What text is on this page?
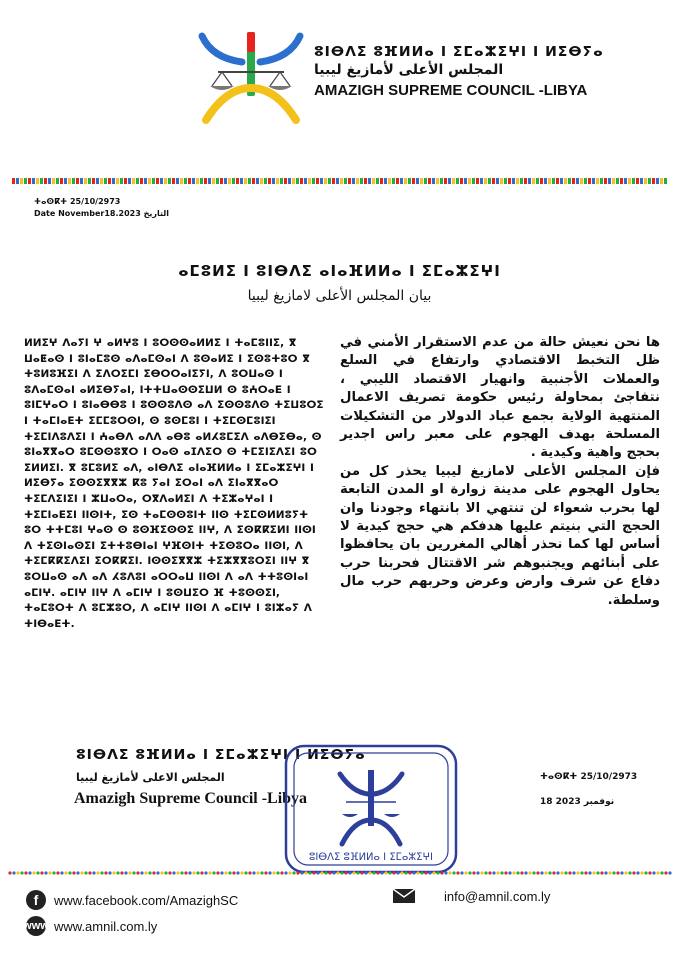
ⵓⵏⴱⴷⵉ ⵓⴼⵍⵍⴰ ⵏ ⵉⵎⴰⵣⵉⵖⵏ ⵏ ⵍⵉⴱⵢⴰ
المجلس الأعلى لأمازيغ ليبيا
AMAZIGH SUPREME COUNCIL -LIBYA
ⵜⴰⵙⴽⵜ 25/10/2973
Date November18.2023 التاريخ
ⴰⵎⵓⵍⵉ ⵏ ⵓⵏⴱⴷⵉ ⴰⵏⴰⴼⵍⵍⴰ ⵏ ⵉⵎⴰⵣⵉⵖⵏ
بيان المجلس الأعلى لامازيغ ليبيا
ⵍⵍⵉⵖ ⴷⴰⵢⵏ ⵖ ⴰⵍⵖⵓ ⵏ ⵓⵔⵙⵙⴰⵍⵍⵉ ⵏ ⵜⴰⵎⵓⵏⵏⵉ, ⴳ ⵡⴰⵟⴰⵙ ⵏ ⵓⵏⴰⵎⵓⵙ ⴰⴷⴰⵎⵙⴰⵏ ⴷ ⵓⵙⴰⵍⵉ ⵏ ⵉⵙⵓⵜⵓⵔ ⴳ ⵜⵓⵍⵓⴼⵉⵏ ⴷ ⵉⴷⵔⵉⵎⵏ ⵉⴱⵔⵔⴰⵏⵉⵢⵏ, ⴷ ⵓⵔⵡⴰⵙ ⵏ ⵓⴷⴰⵎⵙⴰⵏ ⴰⵍⵉⴱⵢⴰⵏ, ⵏⵜⵜⵡⴰⵙⵙⵉⵡⵍ ⵙ ⵓⵄⵔⴰⴹ ⵏ ⵓⵏⵎⵖⴰⵔ ⵏ ⵓⵏⴰⴱⴱⵓ ⵏ ⵓⵙⵙⵓⴷⵙ ⴰⴷ ⵉⵙⵙⵓⴷⵙ ⵜⵉⵡⵓⵔⵉ ⵏ ⵜⴰⵎⵏⴰⴹⵜ ⵉⵎⵎⵓⵔⵙⵏ, ⵙ ⵓⵙⵎⵓⵏ ⵏ ⵜⵉⵎⵙⵎⵓⵏⵉⵏ ⵜⵉⵎⵏⴷⵓⴷⵉⵏ ⵏ ⵄⴰⴱⴷ ⴰⴷⴷ ⴰⴱⵓ ⴰⵍⵃⵓⵎⵉⴷ ⴰⴷⴱⵉⴱⴰ, ⵙ ⵓⵏⴰⴳⴳⴰⵔ ⵓⵎⵙⵙⵓⴳⵔ ⵏ ⵔⴰⵙ ⴰⵊⴷⵉⵔ ⵙ ⵜⵎⵉⵏⵉⴷⵉⵏ ⵓⵔ ⵉⵍⵍⵉⵏ. ⴳ ⵓⵎⵓⵍⵉ ⴰⴷ, ⴰⵏⴱⴷⵉ ⴰⵏⴰⴼⵍⵍⴰ ⵏ ⵉⵎⴰⵣⵉⵖⵏ ⵏ ⵍⵉⴱⵢⴰ ⵉⵙⵙⵉⴳⴳⵣ ⴽⵓ ⵢⴰⵏ ⵉⵔⴰⵏ ⴰⴷ ⵉⵏⴰⴳⴳⴰⵔ ⵜⵉⵎⴷⵉⵏⵉⵏ ⵏ ⵣⵡⴰⵔⴰ, ⵔⴳⴷⴰⵍⵉⵏ ⴷ ⵜⵉⵣⴰⵖⴰⵏ ⵏ ⵜⵉⵎⵏⴰⴹⵉⵏ ⵏⵏⵙⵏⵜ, ⵉⵙ ⵜⴰⵎⵙⵙⵓⵏⵜ ⵏⵏⵙ ⵜⵉⵎⵙⵍⵍⵓⵢⵜ ⵓⵔ ⵜⵜⵎⵓⵏ ⵖⴰⵙ ⵙ ⵓⵙⴼⵉⵙⵙⵉ ⵏⵏⵖ, ⴷ ⵉⵙⴽⴽⵉⵍⵏ ⵏⵏⵙⵏ ⴷ ⵜⵉⵙⵏⴰⵙⵉⵏ ⵉⵜⵜⵓⴱⵏⴰⵏ ⵖⴼⵙⵏⵜ ⵜⵉⵙⵓⵔⴰ ⵏⵏⵙⵏ, ⴷ ⵜⵉⵎⴽⴽⵉⴷⵉⵏ ⵉⵔⴽⴽⵉⵏ. ⵏⵙⵙⵉⴳⴳⵣ ⵜⵉⵣⴳⴳⵓⵔⵉⵏ ⵏⵏⵖ ⴳ ⵓⵔⵡⴰⵙ ⴰⴷ ⴰⴷ ⵃⵓⴷⵓⵏ ⴰⵔⵔⴰⵡ ⵏⵏⵙⵏ ⴷ ⴰⴷ ⵜⵜⵓⵙⵏⴰⵏ ⴰⵎⵏⵖ. ⴰⵎⵏⵖ ⵏⵏⵖ ⴷ ⴰⵎⵏⵖ ⵏ ⵓⵙⵡⵉⵔ ⴼ ⵜⵓⵙⵙⵉⵏ, ⵜⴰⵎⵓⵔⵜ ⴷ ⵓⵎⵣⵓⵔ, ⴷ ⴰⵎⵏⵖ ⵏⵏⵙⵏ ⴷ ⴰⵎⵏⵖ ⵏ ⵓⵏⵣⴰⵢ ⴷ ⵜⵏⴱⴰⴹⵜ.

ها نحن نعيش حالة من عدم الاستقرار الأمني في ظل التخبط الاقتصادي وارتفاع في السلع والعملات الأجنبية وانهيار الاقتصاد الليبي ، نتفاجئ بمحاولة رئيس حكومة تصريف الاعمال المنتهية الولاية بجمع عباد الدولار من التشكيلات المسلحة بهدف الهجوم على معبر راس اجدير بحجج واهية وكيدية .

فإن المجلس الأعلى لامازيغ ليبيا يحذر كل من يحاول الهجوم على مدينة زوارة او المدن التابعة لها بحرب شعواء لن تنتهي الا بانتهاء وجودنا وان الحجج التي بنيتم عليها هدفكم هي حجج كيدية لا أساس لها كما نحذر أهالي المغررين بان يحافظوا على أبنائهم ويجنبوهم شر الاقتتال فحربنا حرب دفاع عن شرف وارض وعرض وحربهم حرب مال وسلطة.

ⵓⵏⴱⴷⵉ ⵓⴼⵍⵍⴰ ⵏ ⵉⵎⴰⵣⵉⵖⵏ ⵏ ⵍⵉⴱⵢⴰ
المجلس الاعلى لأمازيغ ليبيا
Amazigh Supreme Council -Libya
ⵓⵏⴱⴷⵉ ⵓⴼⵍⵍⴰ ⵏ ⵉⵎⴰⵣⵉⵖⵏ
ⵜⴰⵙⴽⵜ 25/10/2973
18 نوفمبر 2023
f	www.facebook.com/AmazighSC
www www.amnil.com.ly
info@amnil.com.ly
